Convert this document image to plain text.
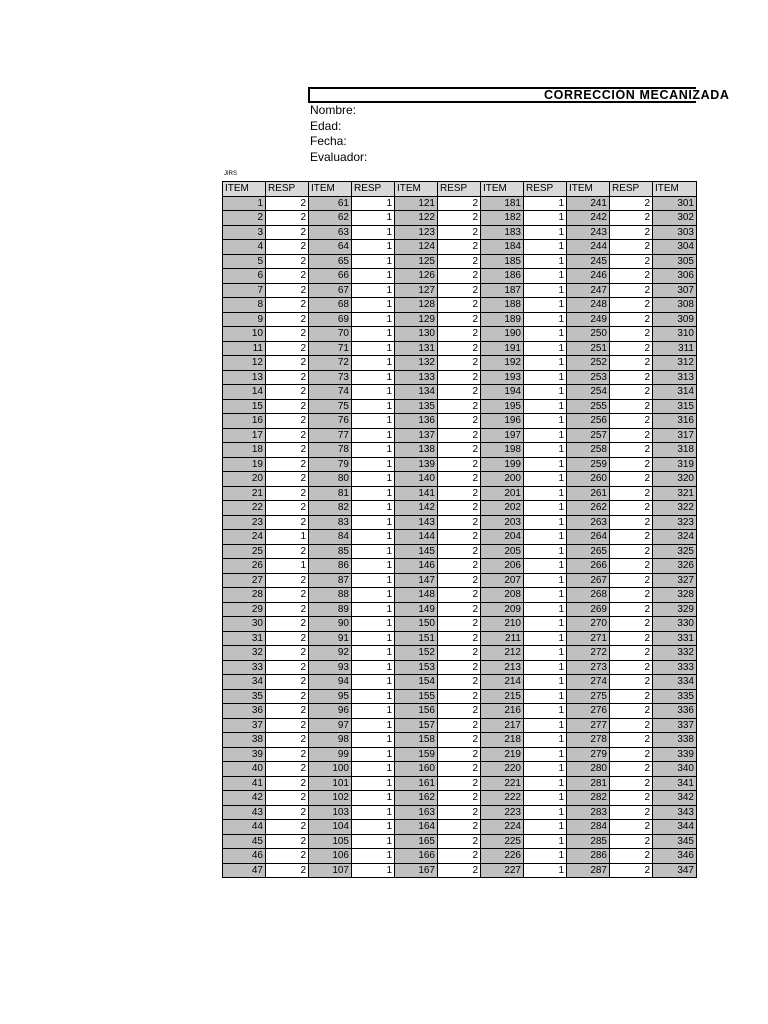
CORRECCIÓN MECANIZADA
Nombre:
Edad:
Fecha:
Evaluador:
JIRS
ITEM	RESP	ITEM	RESP	ITEM	RESP	ITEM	RESP	ITEM	RESP	ITEM
1	2	61	1	121	2	181	1	241	2	301
2	2	62	1	122	2	182	1	242	2	302
3	2	63	1	123	2	183	1	243	2	303
4	2	64	1	124	2	184	1	244	2	304
5	2	65	1	125	2	185	1	245	2	305
6	2	66	1	126	2	186	1	246	2	306
7	2	67	1	127	2	187	1	247	2	307
8	2	68	1	128	2	188	1	248	2	308
9	2	69	1	129	2	189	1	249	2	309
10	2	70	1	130	2	190	1	250	2	310
11	2	71	1	131	2	191	1	251	2	311
12	2	72	1	132	2	192	1	252	2	312
13	2	73	1	133	2	193	1	253	2	313
14	2	74	1	134	2	194	1	254	2	314
15	2	75	1	135	2	195	1	255	2	315
16	2	76	1	136	2	196	1	256	2	316
17	2	77	1	137	2	197	1	257	2	317
18	2	78	1	138	2	198	1	258	2	318
19	2	79	1	139	2	199	1	259	2	319
20	2	80	1	140	2	200	1	260	2	320
21	2	81	1	141	2	201	1	261	2	321
22	2	82	1	142	2	202	1	262	2	322
23	2	83	1	143	2	203	1	263	2	323
24	1	84	1	144	2	204	1	264	2	324
25	2	85	1	145	2	205	1	265	2	325
26	1	86	1	146	2	206	1	266	2	326
27	2	87	1	147	2	207	1	267	2	327
28	2	88	1	148	2	208	1	268	2	328
29	2	89	1	149	2	209	1	269	2	329
30	2	90	1	150	2	210	1	270	2	330
31	2	91	1	151	2	211	1	271	2	331
32	2	92	1	152	2	212	1	272	2	332
33	2	93	1	153	2	213	1	273	2	333
34	2	94	1	154	2	214	1	274	2	334
35	2	95	1	155	2	215	1	275	2	335
36	2	96	1	156	2	216	1	276	2	336
37	2	97	1	157	2	217	1	277	2	337
38	2	98	1	158	2	218	1	278	2	338
39	2	99	1	159	2	219	1	279	2	339
40	2	100	1	160	2	220	1	280	2	340
41	2	101	1	161	2	221	1	281	2	341
42	2	102	1	162	2	222	1	282	2	342
43	2	103	1	163	2	223	1	283	2	343
44	2	104	1	164	2	224	1	284	2	344
45	2	105	1	165	2	225	1	285	2	345
46	2	106	1	166	2	226	1	286	2	346
47	2	107	1	167	2	227	1	287	2	347
